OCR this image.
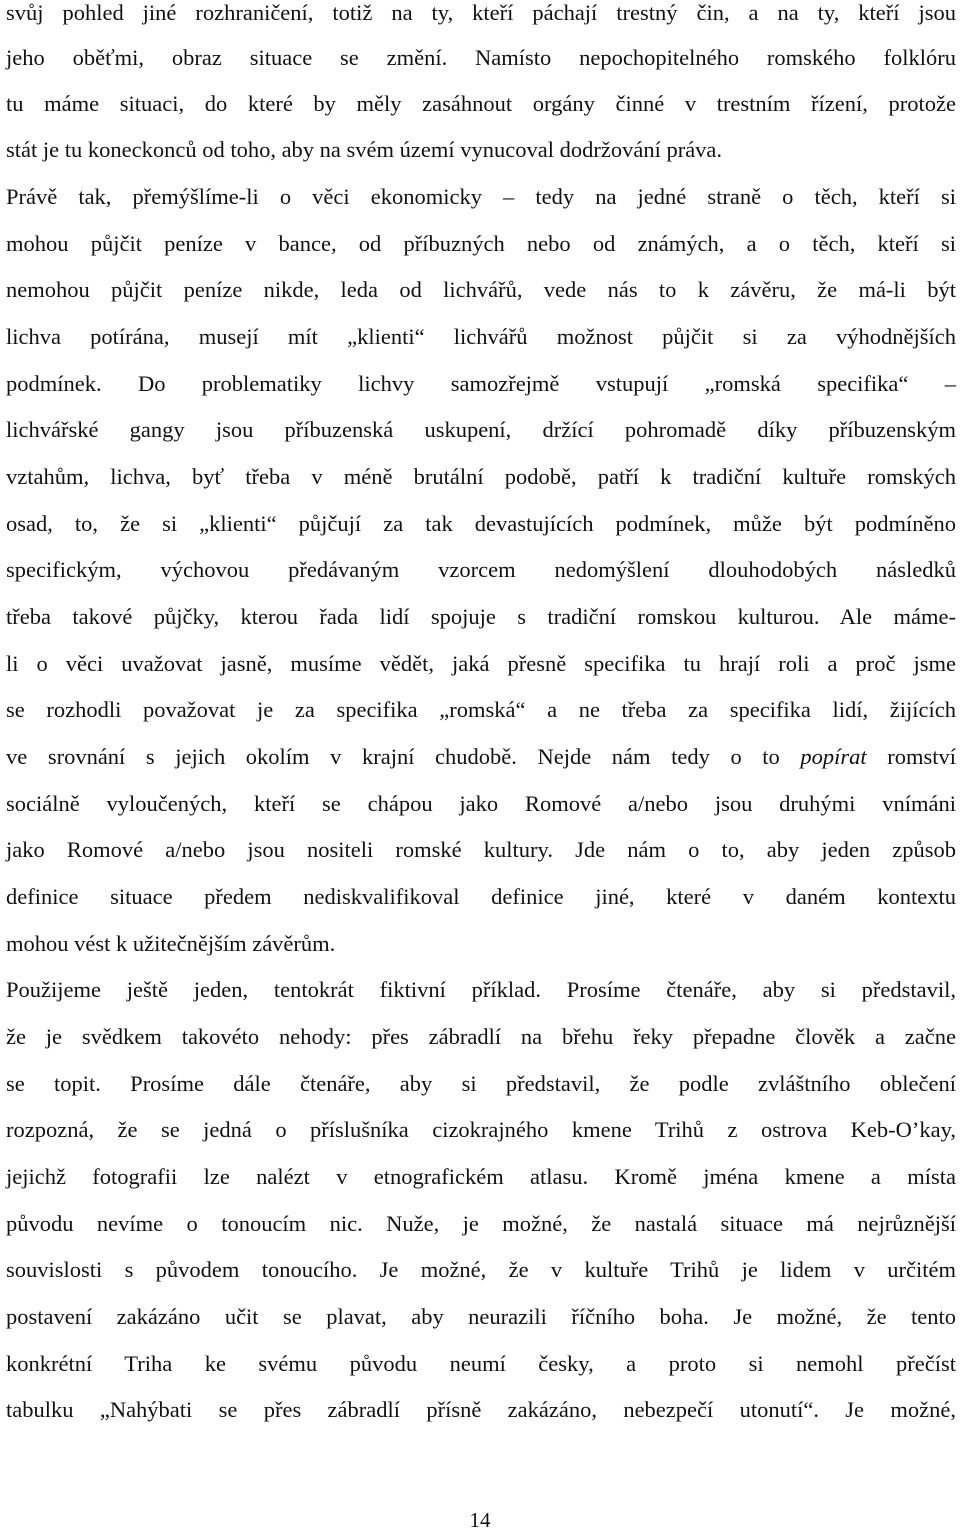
svůj pohled jiné rozhraničení, totiž na ty, kteří páchají trestný čin, a na ty, kteří jsou
jeho oběťmi, obraz situace se změní. Namísto nepochopitelného romského folklóru
tu máme situaci, do které by měly zasáhnout orgány činné v trestním řízení, protože
stát je tu koneckonců od toho, aby na svém území vynucoval dodržování práva.
Právě tak, přemýšlíme-li o věci ekonomicky – tedy na jedné straně o těch, kteří si
mohou půjčit peníze v bance, od příbuzných nebo od známých, a o těch, kteří si
nemohou půjčit peníze nikde, leda od lichvářů, vede nás to k závěru, že má-li být
lichva potírána, musejí mít „klienti“ lichvářů možnost půjčit si za výhodnějších
podmínek. Do problematiky lichvy samozřejmě vstupují „romská specifika“ –
lichvářské gangy jsou příbuzenská uskupení, držící pohromadě díky příbuzenským
vztahům, lichva, byť třeba v méně brutální podobě, patří k tradiční kultuře romských
osad, to, že si „klienti“ půjčují za tak devastujících podmínek, může být podmíněno
specifickým, výchovou předávaným vzorcem nedomýšlení dlouhodobých následků
třeba takové půjčky, kterou řada lidí spojuje s tradiční romskou kulturou. Ale máme-
li o věci uvažovat jasně, musíme vědět, jaká přesně specifika tu hrají roli a proč jsme
se rozhodli považovat je za specifika „romská“ a ne třeba za specifika lidí, žijících
ve srovnání s jejich okolím v krajní chudobě. Nejde nám tedy o to popírat romství
sociálně vyloučených, kteří se chápou jako Romové a/nebo jsou druhými vnímáni
jako Romové a/nebo jsou nositeli romské kultury. Jde nám o to, aby jeden způsob
definice situace předem nediskvalifikoval definice jiné, které v daném kontextu
mohou vést k užitečnějším závěrům.
Použijeme ještě jeden, tentokrát fiktivní příklad. Prosíme čtenáře, aby si představil,
že je svědkem takovéto nehody: přes zábradlí na břehu řeky přepadne člověk a začne
se topit. Prosíme dále čtenáře, aby si představil, že podle zvláštního oblečení
rozpozná, že se jedná o příslušníka cizokrajného kmene Trihů z ostrova Keb-O’kay,
jejichž fotografii lze nalézt v etnografickém atlasu. Kromě jména kmene a místa
původu nevíme o tonoucím nic. Nuže, je možné, že nastalá situace má nejrůznější
souvislosti s původem tonoucího. Je možné, že v kultuře Trihů je lidem v určitém
postavení zakázáno učit se plavat, aby neurazili říčního boha. Je možné, že tento
konkrétní Triha ke svému původu neumí česky, a proto si nemohl přečíst
tabulku „Nahýbati se přes zábradlí přísně zakázáno, nebezpečí utonutí“. Je možné,
14
